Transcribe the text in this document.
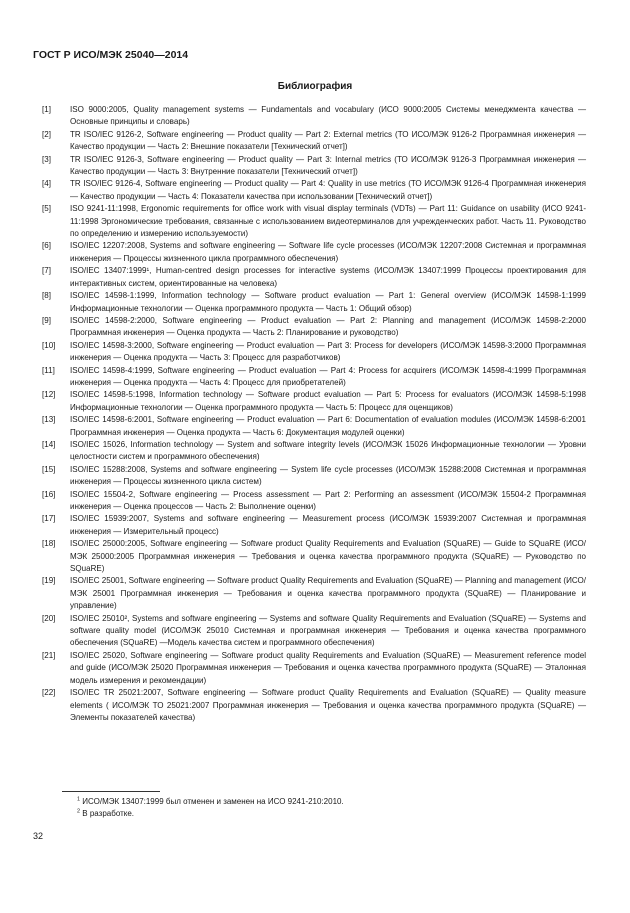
ГОСТ Р ИСО/МЭК 25040—2014
Библиография
[1]	ISO 9000:2005, Quality management systems — Fundamentals and vocabulary (ИСО 9000:2005 Системы менеджмента качества — Основные принципы и словарь)
[2]	TR ISO/IEC 9126-2, Software engineering — Product quality — Part 2: External metrics (ТО ИСО/МЭК 9126-2 Программная инженерия — Качество продукции — Часть 2: Внешние показатели [Технический отчет])
[3]	TR ISO/IEC 9126-3, Software engineering — Product quality — Part 3: Internal metrics (ТО ИСО/МЭК 9126-3 Программная инженерия — Качество продукции — Часть 3: Внутренние показатели [Технический отчет])
[4]	TR ISO/IEC 9126-4, Software engineering — Product quality — Part 4: Quality in use metrics (ТО ИСО/МЭК 9126-4 Программная инженерия — Качество продукции — Часть 4: Показатели качества при использовании [Технический отчет])
[5]	ISO 9241-11:1998, Ergonomic requirements for office work with visual display terminals (VDTs) — Part 11: Guidance on usability (ИСО 9241-11:1998 Эргономические требования, связанные с использованием видеотерминалов для учрежденческих работ. Часть 11. Руководство по определению и измерению используемости)
[6]	ISO/IEC 12207:2008, Systems and software engineering — Software life cycle processes (ИСО/МЭК 12207:2008 Системная и программная инженерия — Процессы жизненного цикла программного обеспечения)
[7]	ISO/IEC 13407:1999¹, Human-centred design processes for interactive systems (ИСО/МЭК 13407:1999 Процессы проектирования для интерактивных систем, ориентированные на человека)
[8]	ISO/IEC 14598-1:1999, Information technology — Software product evaluation — Part 1: General overview (ИСО/МЭК 14598-1:1999 Информационные технологии — Оценка программного продукта — Часть 1: Общий обзор)
[9]	ISO/IEC 14598-2:2000, Software engineering — Product evaluation — Part 2: Planning and management (ИСО/МЭК 14598-2:2000 Программная инженерия — Оценка продукта — Часть 2: Планирование и руководство)
[10]	ISO/IEC 14598-3:2000, Software engineering — Product evaluation — Part 3: Process for developers (ИСО/МЭК 14598-3:2000 Программная инженерия — Оценка продукта — Часть 3: Процесс для разработчиков)
[11]	ISO/IEC 14598-4:1999, Software engineering — Product evaluation — Part 4: Process for acquirers (ИСО/МЭК 14598-4:1999 Программная инженерия — Оценка продукта — Часть 4: Процесс для приобретателей)
[12]	ISO/IEC 14598-5:1998, Information technology — Software product evaluation — Part 5: Process for evaluators (ИСО/МЭК 14598-5:1998 Информационные технологии — Оценка программного продукта — Часть 5: Процесс для оценщиков)
[13]	ISO/IEC 14598-6:2001, Software engineering — Product evaluation — Part 6: Documentation of evaluation modules (ИСО/МЭК 14598-6:2001 Программная инженерия — Оценка продукта — Часть 6: Документация модулей оценки)
[14]	ISO/IEC 15026, Information technology — System and software integrity levels (ИСО/МЭК 15026 Информационные технологии — Уровни целостности систем и программного обеспечения)
[15]	ISO/IEC 15288:2008, Systems and software engineering — System life cycle processes (ИСО/МЭК 15288:2008 Системная и программная инженерия — Процессы жизненного цикла систем)
[16]	ISO/IEC 15504-2, Software engineering — Process assessment — Part 2: Performing an assessment (ИСО/МЭК 15504-2 Программная инженерия — Оценка процессов — Часть 2: Выполнение оценки)
[17]	ISO/IEC 15939:2007, Systems and software engineering — Measurement process (ИСО/МЭК 15939:2007 Системная и программная инженерия — Измерительный процесс)
[18]	ISO/IEC 25000:2005, Software engineering — Software product Quality Requirements and Evaluation (SQuaRE) — Guide to SQuaRE (ИСО/МЭК 25000:2005 Программная инженерия — Требования и оценка качества программного продукта (SQuaRE) — Руководство по SQuaRE)
[19]	ISO/IEC 25001, Software engineering — Software product Quality Requirements and Evaluation (SQuaRE) — Planning and management (ИСО/МЭК 25001 Программная инженерия — Требования и оценка качества программного продукта (SQuaRE) — Планирование и управление)
[20]	ISO/IEC 25010², Systems and software engineering — Systems and software Quality Requirements and Evaluation (SQuaRE) — Systems and software quality model (ИСО/МЭК 25010 Системная и программная инженерия — Требования и оценка качества программного обеспечения (SQuaRE) —Модель качества систем и программного обеспечения)
[21]	ISO/IEC 25020, Software engineering — Software product quality Requirements and Evaluation (SQuaRE) — Measurement reference model and guide (ИСО/МЭК 25020 Программная инженерия — Требования и оценка качества программного продукта (SQuaRE) — Эталонная модель измерения и рекомендации)
[22]	ISO/IEC TR 25021:2007, Software engineering — Software product Quality Requirements and Evaluation (SQuaRE) — Quality measure elements ( ИСО/МЭК ТО 25021:2007 Программная инженерия — Требования и оценка качества программного продукта (SQuaRE) — Элементы показателей качества)
$^1$ ИСО/МЭК 13407:1999 был отменен и заменен на ИСО 9241-210:2010.
$^2$ В разработке.
32
